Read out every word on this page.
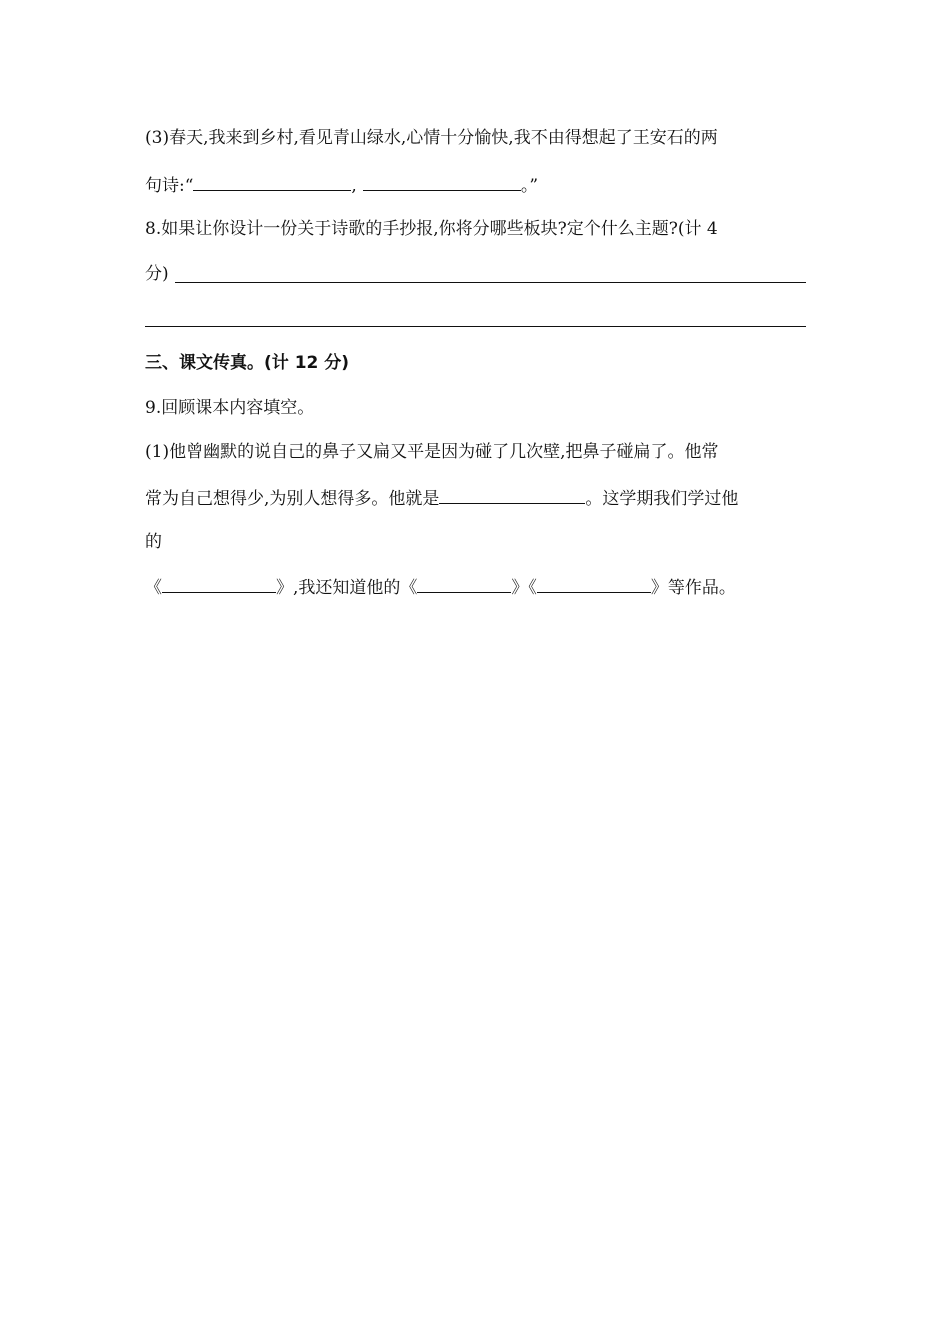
(3)春天,我来到乡村,看见青山绿水,心情十分愉快,我不由得想起了王安石的两
句诗:“	,	。”
8.如果让你设计一份关于诗歌的手抄报,你将分哪些板块?定个什么主题?(计 4
分)
三、课文传真。(计 12 分)
9.回顾课本内容填空。
(1)他曾幽默的说自己的鼻子又扁又平是因为碰了几次壁,把鼻子碰扁了。他常
常为自己想得少,为别人想得多。他就是	。这学期我们学过他
的
《	》,我还知道他的《	》《	》等作品。
